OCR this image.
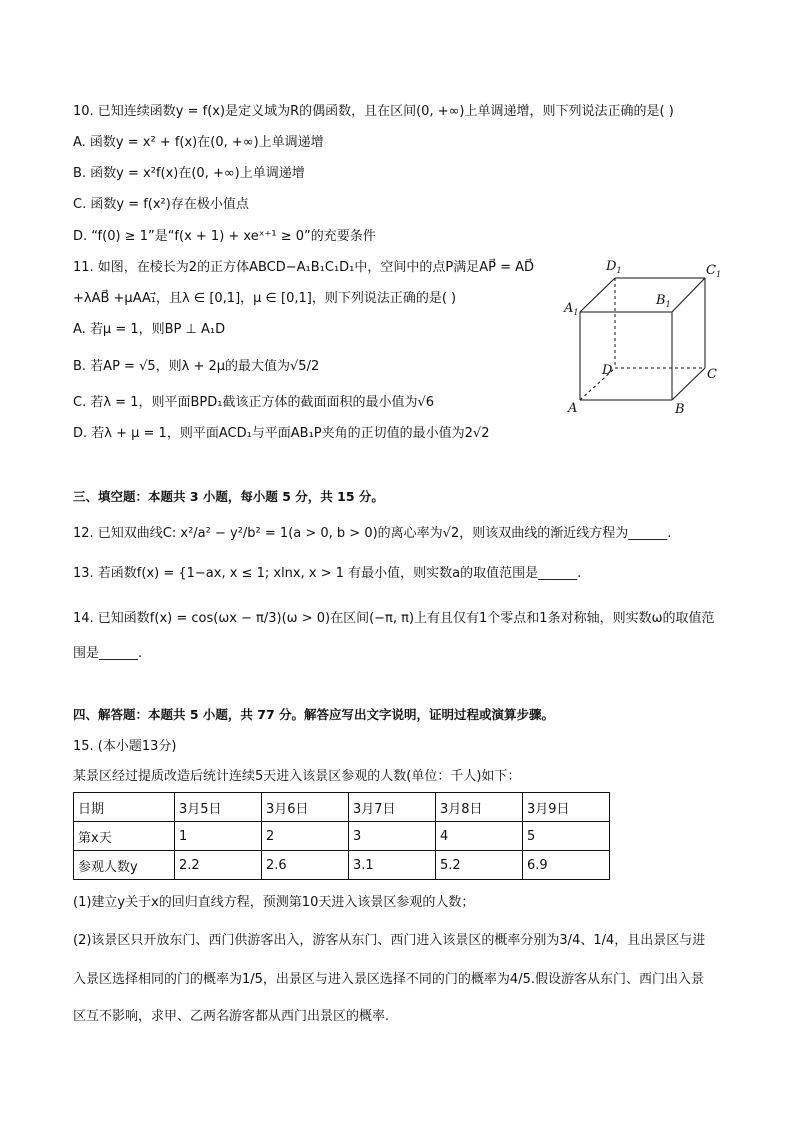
10. 已知连续函数y = f(x)是定义域为R的偶函数，且在区间(0, +∞)上单调递增，则下列说法正确的是( )
A. 函数y = x² + f(x)在(0, +∞)上单调递增
B. 函数y = x²f(x)在(0, +∞)上单调递增
C. 函数y = f(x²)存在极小值点
D. “f(0) ≥ 1”是“f(x + 1) + xeˣ⁺¹ ≥ 0”的充要条件
11. 如图，在棱长为2的正方体ABCD−A₁B₁C₁D₁中，空间中的点P满足AP⃗ = AD⃗
+λAB⃗ +μAA₁⃗，且λ ∈ [0,1]，μ ∈ [0,1]，则下列说法正确的是( )
A. 若μ = 1，则BP ⊥ A₁D
B. 若AP = √5，则λ + 2μ的最大值为√5/2
C. 若λ = 1，则平面BPD₁截该正方体的截面面积的最小值为√6
D. 若λ + μ = 1，则平面ACD₁与平面AB₁P夹角的正切值的最小值为2√2
$D_1$	$C_1$
$A_1$
$B_1$
D	C
A	B
三、填空题：本题共 3 小题，每小题 5 分，共 15 分。
12. 已知双曲线C: x²/a² − y²/b² = 1(a > 0, b > 0)的离心率为√2，则该双曲线的渐近线方程为______.
13. 若函数f(x) = {1−ax, x ≤ 1; xlnx, x > 1 有最小值，则实数a的取值范围是______.
14. 已知函数f(x) = cos(ωx − π/3)(ω > 0)在区间(−π, π)上有且仅有1个零点和1条对称轴，则实数ω的取值范
围是______.
四、解答题：本题共 5 小题，共 77 分。解答应写出文字说明，证明过程或演算步骤。
15. (本小题13分)
某景区经过提质改造后统计连续5天进入该景区参观的人数(单位：千人)如下：
日期	3月5日	3月6日	3月7日	3月8日	3月9日
第x天	1	2	3	4	5
参观人数y	2.2	2.6	3.1	5.2	6.9
(1)建立y关于x的回归直线方程，预测第10天进入该景区参观的人数；
(2)该景区只开放东门、西门供游客出入，游客从东门、西门进入该景区的概率分别为3/4、1/4，且出景区与进
入景区选择相同的门的概率为1/5，出景区与进入景区选择不同的门的概率为4/5.假设游客从东门、西门出入景
区互不影响，求甲、乙两名游客都从西门出景区的概率.
